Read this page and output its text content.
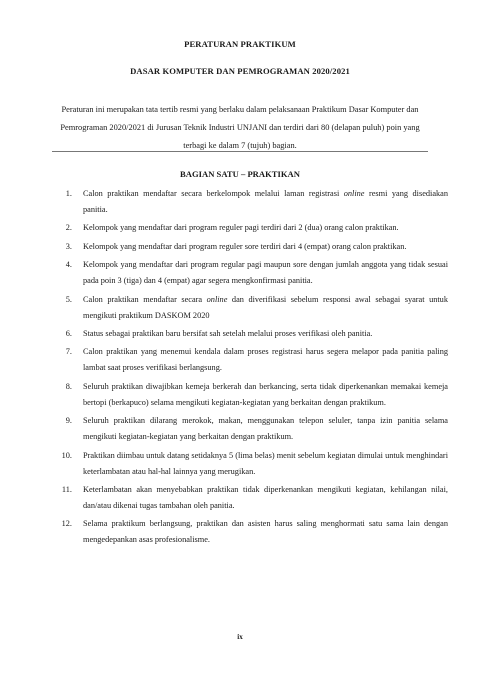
PERATURAN PRAKTIKUM
DASAR KOMPUTER DAN PEMROGRAMAN 2020/2021
Peraturan ini merupakan tata tertib resmi yang berlaku dalam pelaksanaan Praktikum Dasar Komputer dan Pemrograman 2020/2021 di Jurusan Teknik Industri UNJANI dan terdiri dari 80 (delapan puluh) poin yang terbagi ke dalam 7 (tujuh) bagian.
BAGIAN SATU – PRAKTIKAN
1. Calon praktikan mendaftar secara berkelompok melalui laman registrasi online resmi yang disediakan panitia.
2. Kelompok yang mendaftar dari program reguler pagi terdiri dari 2 (dua) orang calon praktikan.
3. Kelompok yang mendaftar dari program reguler sore terdiri dari 4 (empat) orang calon praktikan.
4. Kelompok yang mendaftar dari program regular pagi maupun sore dengan jumlah anggota yang tidak sesuai pada poin 3 (tiga) dan 4 (empat) agar segera mengkonfirmasi panitia.
5. Calon praktikan mendaftar secara online dan diverifikasi sebelum responsi awal sebagai syarat untuk mengikuti praktikum DASKOM 2020
6. Status sebagai praktikan baru bersifat sah setelah melalui proses verifikasi oleh panitia.
7. Calon praktikan yang menemui kendala dalam proses registrasi harus segera melapor pada panitia paling lambat saat proses verifikasi berlangsung.
8. Seluruh praktikan diwajibkan kemeja berkerah dan berkancing, serta tidak diperkenankan memakai kemeja bertopi (berkapuco) selama mengikuti kegiatan-kegiatan yang berkaitan dengan praktikum.
9. Seluruh praktikan dilarang merokok, makan, menggunakan telepon seluler, tanpa izin panitia selama mengikuti kegiatan-kegiatan yang berkaitan dengan praktikum.
10. Praktikan diimbau untuk datang setidaknya 5 (lima belas) menit sebelum kegiatan dimulai untuk menghindari keterlambatan atau hal-hal lainnya yang merugikan.
11. Keterlambatan akan menyebabkan praktikan tidak diperkenankan mengikuti kegiatan, kehilangan nilai, dan/atau dikenai tugas tambahan oleh panitia.
12. Selama praktikum berlangsung, praktikan dan asisten harus saling menghormati satu sama lain dengan mengedepankan asas profesionalisme.
ix
